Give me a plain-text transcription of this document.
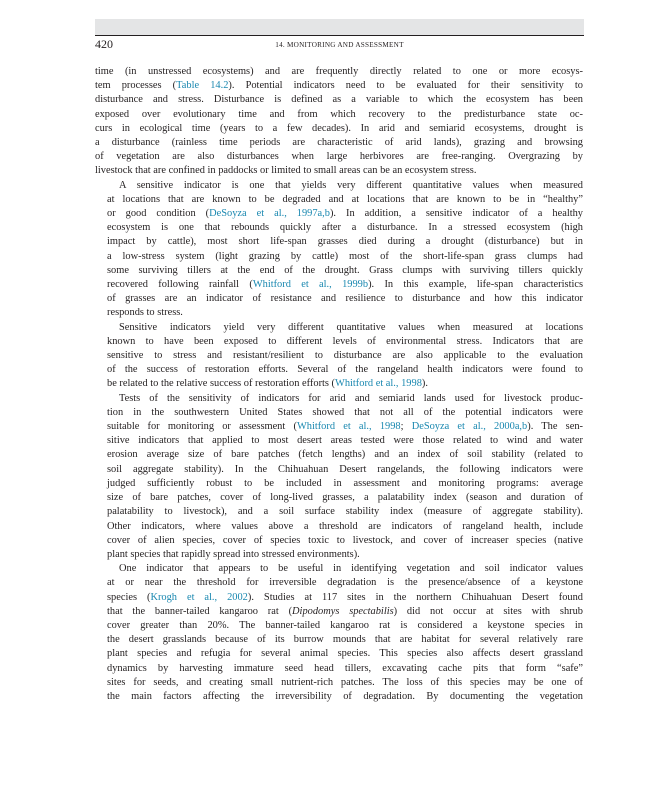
420	14. MONITORING AND ASSESSMENT

time (in unstressed ecosystems) and are frequently directly related to one or more ecosys-
tem processes (Table 14.2). Potential indicators need to be evaluated for their sensitivity to
disturbance and stress. Disturbance is defined as a variable to which the ecosystem has been
exposed over evolutionary time and from which recovery to the predisturbance state oc-
curs in ecological time (years to a few decades). In arid and semiarid ecosystems, drought is
a disturbance (rainless time periods are characteristic of arid lands), grazing and browsing
of vegetation are also disturbances when large herbivores are free-ranging. Overgrazing by
livestock that are confined in paddocks or limited to small areas can be an ecosystem stress.

A sensitive indicator is one that yields very different quantitative values when measured
at locations that are known to be degraded and at locations that are known to be in “healthy”
or good condition (DeSoyza et al., 1997a,b). In addition, a sensitive indicator of a healthy
ecosystem is one that rebounds quickly after a disturbance. In a stressed ecosystem (high
impact by cattle), most short life-span grasses died during a drought (disturbance) but in
a low-stress system (light grazing by cattle) most of the short-life-span grass clumps had
some surviving tillers at the end of the drought. Grass clumps with surviving tillers quickly
recovered following rainfall (Whitford et al., 1999b). In this example, life-span characteristics
of grasses are an indicator of resistance and resilience to disturbance and how this indicator
responds to stress.

Sensitive indicators yield very different quantitative values when measured at locations
known to have been exposed to different levels of environmental stress. Indicators that are
sensitive to stress and resistant/resilient to disturbance are also applicable to the evaluation
of the success of restoration efforts. Several of the rangeland health indicators were found to
be related to the relative success of restoration efforts (Whitford et al., 1998).

Tests of the sensitivity of indicators for arid and semiarid lands used for livestock produc-
tion in the southwestern United States showed that not all of the potential indicators were
suitable for monitoring or assessment (Whitford et al., 1998; DeSoyza et al., 2000a,b). The sen-
sitive indicators that applied to most desert areas tested were those related to wind and water
erosion average size of bare patches (fetch lengths) and an index of soil stability (related to
soil aggregate stability). In the Chihuahuan Desert rangelands, the following indicators were
judged sufficiently robust to be included in assessment and monitoring programs: average
size of bare patches, cover of long-lived grasses, a palatability index (season and duration of
palatability to livestock), and a soil surface stability index (measure of aggregate stability).
Other indicators, where values above a threshold are indicators of rangeland health, include
cover of alien species, cover of species toxic to livestock, and cover of increaser species (native
plant species that rapidly spread into stressed environments).

One indicator that appears to be useful in identifying vegetation and soil indicator values
at or near the threshold for irreversible degradation is the presence/absence of a keystone
species (Krogh et al., 2002). Studies at 117 sites in the northern Chihuahuan Desert found
that the banner-tailed kangaroo rat (Dipodomys spectabilis) did not occur at sites with shrub
cover greater than 20%. The banner-tailed kangaroo rat is considered a keystone species in
the desert grasslands because of its burrow mounds that are habitat for several relatively rare
plant species and refugia for several animal species. This species also affects desert grassland
dynamics by harvesting immature seed head tillers, excavating cache pits that form “safe”
sites for seeds, and creating small nutrient-rich patches. The loss of this species may be one of
the main factors affecting the irreversibility of degradation. By documenting the vegetation
